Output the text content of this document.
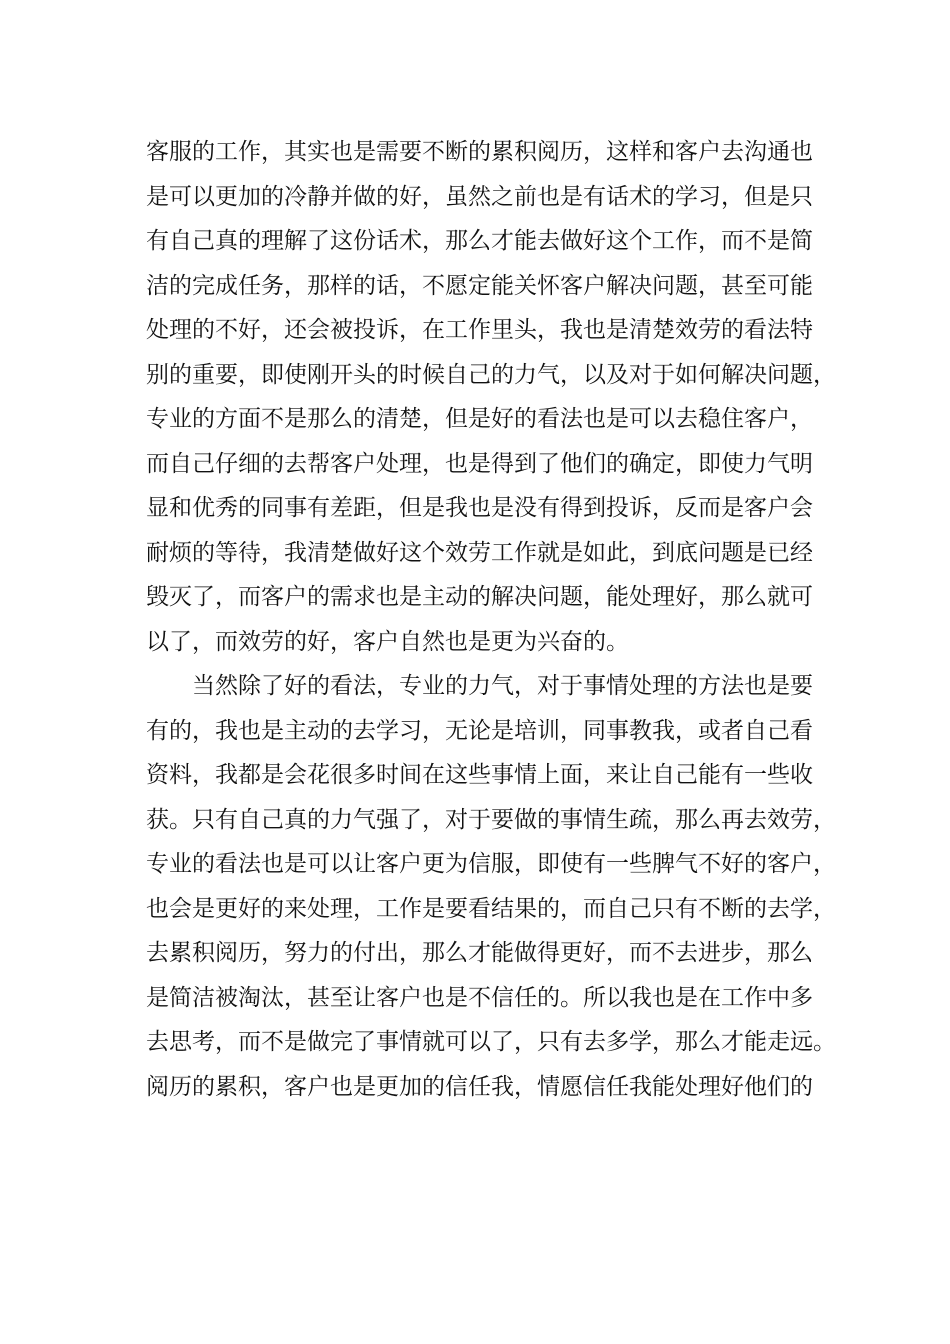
客服的工作，其实也是需要不断的累积阅历，这样和客户去沟通也

是可以更加的冷静并做的好，虽然之前也是有话术的学习，但是只

有自己真的理解了这份话术，那么才能去做好这个工作，而不是简

洁的完成任务，那样的话，不愿定能关怀客户解决问题，甚至可能

处理的不好，还会被投诉，在工作里头，我也是清楚效劳的看法特

别的重要，即使刚开头的时候自己的力气，以及对于如何解决问题，

专业的方面不是那么的清楚，但是好的看法也是可以去稳住客户，

而自己仔细的去帮客户处理，也是得到了他们的确定，即使力气明

显和优秀的同事有差距，但是我也是没有得到投诉，反而是客户会

耐烦的等待，我清楚做好这个效劳工作就是如此，到底问题是已经

毁灭了，而客户的需求也是主动的解决问题，能处理好，那么就可

以了，而效劳的好，客户自然也是更为兴奋的。

　　当然除了好的看法，专业的力气，对于事情处理的方法也是要

有的，我也是主动的去学习，无论是培训，同事教我，或者自己看

资料，我都是会花很多时间在这些事情上面，来让自己能有一些收

获。只有自己真的力气强了，对于要做的事情生疏，那么再去效劳，

专业的看法也是可以让客户更为信服，即使有一些脾气不好的客户，

也会是更好的来处理，工作是要看结果的，而自己只有不断的去学，

去累积阅历，努力的付出，那么才能做得更好，而不去进步，那么

是简洁被淘汰，甚至让客户也是不信任的。所以我也是在工作中多

去思考，而不是做完了事情就可以了，只有去多学，那么才能走远。

阅历的累积，客户也是更加的信任我，情愿信任我能处理好他们的
